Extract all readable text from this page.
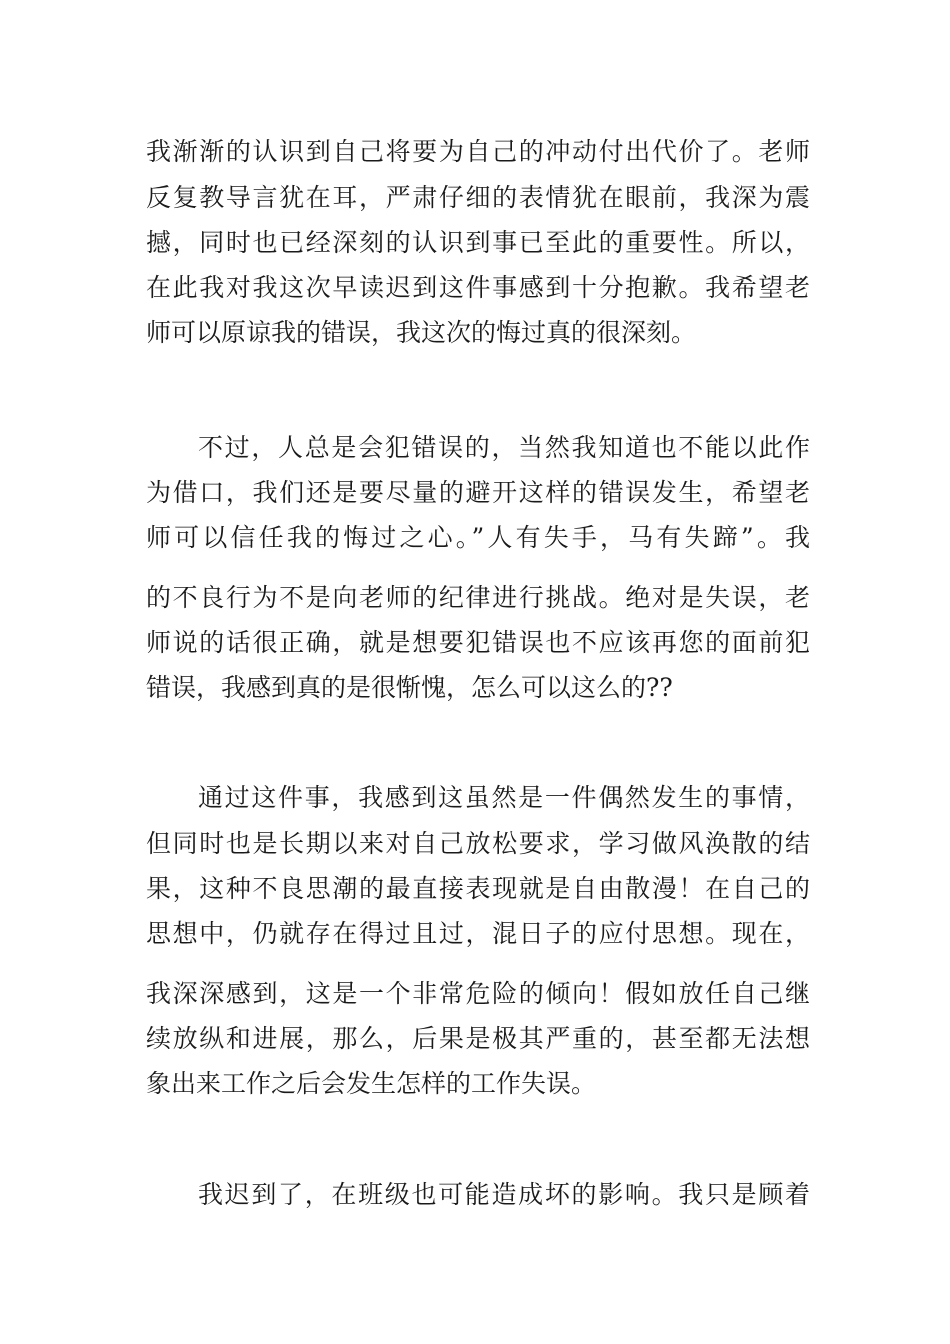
我渐渐的认识到自己将要为自己的冲动付出代价了。老师
反复教导言犹在耳，严肃仔细的表情犹在眼前，我深为震
撼，同时也已经深刻的认识到事已至此的重要性。所以，
在此我对我这次早读迟到这件事感到十分抱歉。我希望老
师可以原谅我的错误，我这次的悔过真的很深刻。
不过，人总是会犯错误的，当然我知道也不能以此作
为借口，我们还是要尽量的避开这样的错误发生，希望老
师可以信任我的悔过之心。”人有失手，马有失蹄”。我
的不良行为不是向老师的纪律进行挑战。绝对是失误，老
师说的话很正确，就是想要犯错误也不应该再您的面前犯
错误，我感到真的是很惭愧，怎么可以这么的??
通过这件事，我感到这虽然是一件偶然发生的事情，
但同时也是长期以来对自己放松要求，学习做风涣散的结
果，这种不良思潮的最直接表现就是自由散漫！在自己的
思想中，仍就存在得过且过，混日子的应付思想。现在，
我深深感到，这是一个非常危险的倾向！假如放任自己继
续放纵和进展，那么，后果是极其严重的，甚至都无法想
象出来工作之后会发生怎样的工作失误。
我迟到了，在班级也可能造成坏的影响。我只是顾着
